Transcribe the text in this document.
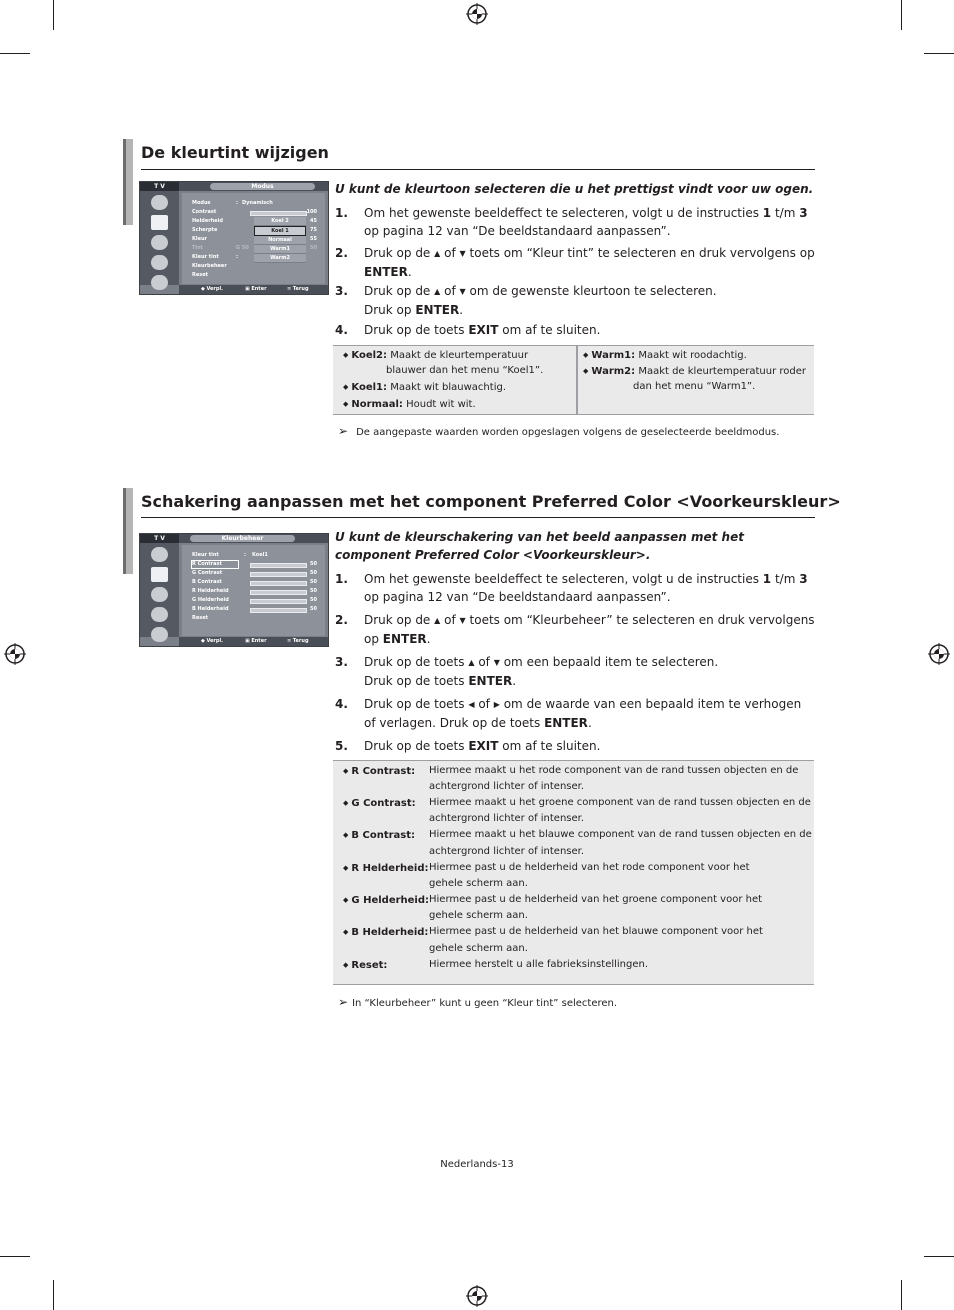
De kleurtint wijzigen
T V	Modus
Modus	: Dynamisch
Contrast	100
Helderheid	45
Scherpte	75
Kleur	55
Tint	G 50	50
Kleur tint	:
Kleurbeheer
Reset
Koel 2
Koel 1
Normaal
Warm1
Warm2
◆ Verpl.	▣ Enter	≡ Terug
U kunt de kleurtoon selecteren die u het prettigst vindt voor uw ogen.
1. Om het gewenste beeldeffect te selecteren, volgt u de instructies 1 t/m 3
op pagina 12 van “De beeldstandaard aanpassen”.
2. Druk op de ▲ of ▼ toets om “Kleur tint” te selecteren en druk vervolgens op ENTER.
3. Druk op de ▲ of ▼ om de gewenste kleurtoon te selecteren.
Druk op ENTER.
4. Druk op de toets EXIT om af te sluiten.
◆ Koel2: Maakt de kleurtemperatuur
blauwer dan het menu “Koel1”.
◆ Koel1: Maakt wit blauwachtig.
◆ Normaal: Houdt wit wit.
◆ Warm1: Maakt wit roodachtig.
◆ Warm2: Maakt de kleurtemperatuur roder
dan het menu “Warm1”.
➢ De aangepaste waarden worden opgeslagen volgens de geselecteerde beeldmodus.
Schakering aanpassen met het component Preferred Color <Voorkeurskleur>
T V	Kleurbeheer
Kleur tint	: Koel1
R Contrast	50
G Contrast	50
B Contrast	50
R Helderheid	50
G Helderheid	50
B Helderheid	50
Reset
◆ Verpl.	▣ Enter	≡ Terug
U kunt de kleurschakering van het beeld aanpassen met het component Preferred Color <Voorkeurskleur>.
1. Om het gewenste beeldeffect te selecteren, volgt u de instructies 1 t/m 3
op pagina 12 van “De beeldstandaard aanpassen”.
2. Druk op de ▲ of ▼ toets om “Kleurbeheer” te selecteren en druk vervolgens op ENTER.
3. Druk op de toets ▲ of ▼ om een bepaald item te selecteren.
Druk op de toets ENTER.
4. Druk op de toets ◀ of ▶ om de waarde van een bepaald item te verhogen of verlagen. Druk op de toets ENTER.
5. Druk op de toets EXIT om af te sluiten.
◆ R Contrast: Hiermee maakt u het rode component van de rand tussen objecten en de
achtergrond lichter of intenser.
◆ G Contrast: Hiermee maakt u het groene component van de rand tussen objecten en de
achtergrond lichter of intenser.
◆ B Contrast: Hiermee maakt u het blauwe component van de rand tussen objecten en de
achtergrond lichter of intenser.
◆ R Helderheid: Hiermee past u de helderheid van het rode component voor het
gehele scherm aan.
◆ G Helderheid: Hiermee past u de helderheid van het groene component voor het
gehele scherm aan.
◆ B Helderheid: Hiermee past u de helderheid van het blauwe component voor het
gehele scherm aan.
◆ Reset:	Hiermee herstelt u alle fabrieksinstellingen.
➢ In “Kleurbeheer” kunt u geen “Kleur tint” selecteren.
Nederlands-13
